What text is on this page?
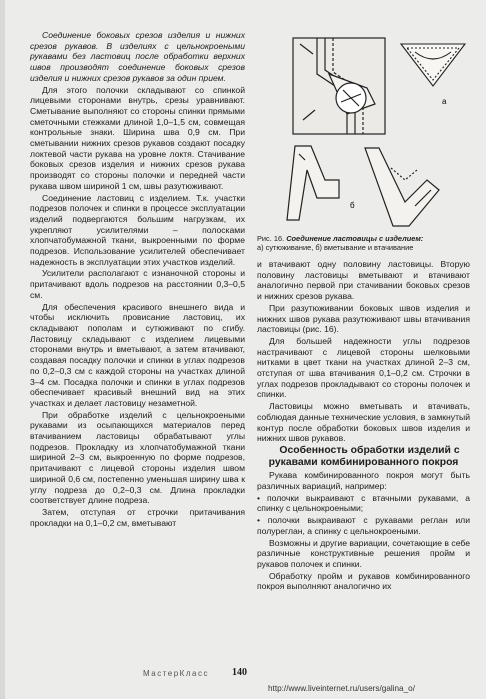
Соединение боковых срезов изделия и нижних срезов рукавов. В изделиях с цельнокроеными рукавами без ластовиц после обработки верхних швов производят соединение боковых срезов изделия и нижних срезов рукавов за один прием.

Для этого полочки складывают со спинкой лицевыми сторонами внутрь, срезы уравнивают. Сметывание выполняют со стороны спинки прямыми сметочными стежками длиной 1,0–1,5 см, совмещая контрольные знаки. Ширина шва 0,9 см. При сметывании нижних срезов рукавов создают посадку локтевой части рукава на уровне локтя. Стачивание боковых срезов изделия и нижних срезов рукава производят со стороны полочки и передней части рукава швом шириной 1 см, швы разутюживают.

Соединение ластовиц с изделием. Т.к. участки подрезов полочек и спинки в процессе эксплуатации изделий подвергаются большим нагрузкам, их укрепляют усилителями – полосками хлопчатобумажной ткани, выкроенными по форме подрезов. Использование усилителей обеспечивает надежность в эксплуатации этих участков изделий.

Усилители располагают с изнаночной стороны и притачивают вдоль подрезов на расстоянии 0,3–0,5 см.

Для обеспечения красивого внешнего вида и чтобы исключить провисание ластовиц, их складывают пополам и сутюживают по сгибу. Ластовицу складывают с изделием лицевыми сторонами внутрь и вметывают, а затем втачивают, создавая посадку полочки и спинки в углах подрезов по 0,2–0,3 см с каждой стороны на участках длиной 3–4 см. Посадка полочки и спинки в углах подрезов обеспечивает красивый внешний вид на этих участках и делает ластовицу незаметной.

При обработке изделий с цельнокроеными рукавами из осыпающихся материалов перед втачиванием ластовицы обрабатывают углы подрезов. Прокладку из хлопчатобумажной ткани шириной 2–3 см, выкроенную по форме подрезов, притачивают с лицевой стороны изделия швом шириной 0,6 см, постепенно уменьшая ширину шва к углу подреза до 0,2–0,3 см. Длина прокладки соответствует длине подреза.

Затем, отступая от строчки притачивания прокладки на 0,1–0,2 см, вметывают

а
б
Рис. 16. Соединение ластовицы с изделием:
а) сутюживание, б) вметывание и втачивание

и втачивают одну половину ластовицы. Вторую половину ластовицы вметывают и втачивают аналогично первой при стачивании боковых срезов и нижних срезов рукава.

При разутюживании боковых швов изделия и нижних швов рукава разутюживают швы втачивания ластовицы (рис. 16).

Для большей надежности углы подрезов настрачивают с лицевой стороны шелковыми нитками в цвет ткани на участках длиной 2–3 см, отступая от шва втачивания 0,1–0,2 см. Строчки в углах подрезов прокладывают со стороны полочек и спинки.

Ластовицы можно вметывать и втачивать, соблюдая данные технические условия, в замкнутый контур после обработки боковых швов изделия и нижних швов рукавов.

Особенность обработки изделий с рукавами комбинированного покроя

Рукава комбинированного покроя могут быть различных вариаций, например:

• полочки выкраивают с втачными рукавами, а спинку с цельнокроеными;

• полочки выкраивают с рукавами реглан или полуреглан, а спинку с цельнокроеными.

Возможны и другие вариации, сочетающие в себе различные конструктивные решения пройм и рукавов полочек и спинки.

Обработку пройм и рукавов комбинированного покроя выполняют аналогично их

МастерКласс 140
http://www.liveinternet.ru/users/galina_o/
